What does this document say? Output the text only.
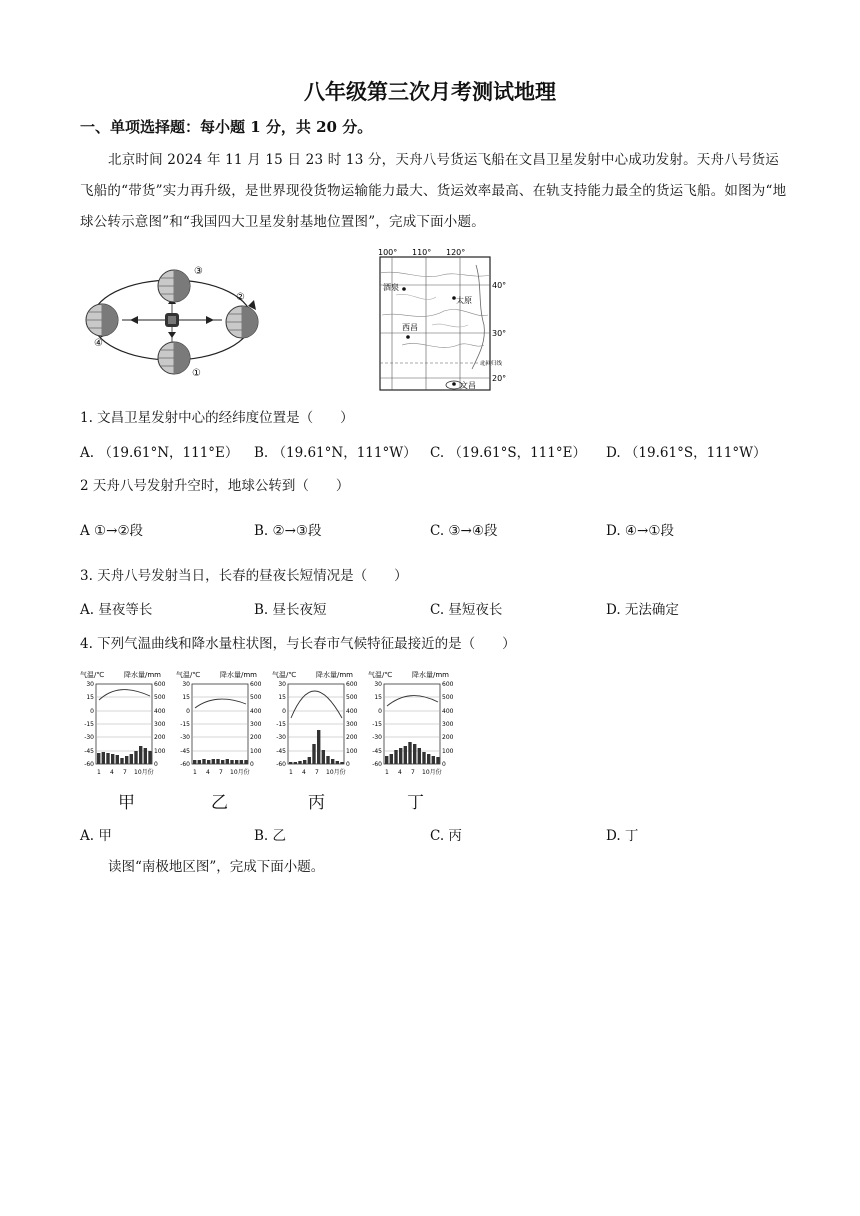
八年级第三次月考测试地理
一、单项选择题：每小题 1 分，共 20 分。
北京时间 2024 年 11 月 15 日 23 时 13 分，天舟八号货运飞船在文昌卫星发射中心成功发射。天舟八号货运飞船的“带货”实力再升级，是世界现役货物运输能力最大、货运效率最高、在轨支持能力最全的货运飞船。如图为“地球公转示意图”和“我国四大卫星发射基地位置图”，完成下面小题。
③
②
④
①
100° 110° 120°
酒泉
太原
西昌
文昌
40°
30°
20°
北回归线
1. 文昌卫星发射中心的经纬度位置是（　　）
A. （19.61°N，111°E） B. （19.61°N，111°W） C. （19.61°S，111°E） D. （19.61°S，111°W）
2 天舟八号发射升空时，地球公转到（　　）
A ①→②段	B. ②→③段	C. ③→④段	D. ④→①段
3. 天舟八号发射当日，长春的昼夜长短情况是（　　）
A. 昼夜等长	B. 昼长夜短	C. 昼短夜长	D. 无法确定
4. 下列气温曲线和降水量柱状图，与长春市气候特征最接近的是（　　）
气温/℃	降水量/mm
30
15
0
-15
-30
-45
-60
600
500
400
300
200
100
0
1 4 7 10月份
气温/℃	降水量/mm
30
15
0
-15
-30
-45
-60
600
500
400
300
200
100
0
1 4 7 10月份
气温/℃	降水量/mm
30
15
0
-15
-30
-45
-60
600
500
400
300
200
100
0
1 4 7 10月份
气温/℃	降水量/mm
30
15
0
-15
-30
-45
-60
600
500
400
300
200
100
0
1 4 7 10月份
甲	乙	丙	丁
A. 甲	B. 乙	C. 丙	D. 丁
读图“南极地区图”，完成下面小题。
